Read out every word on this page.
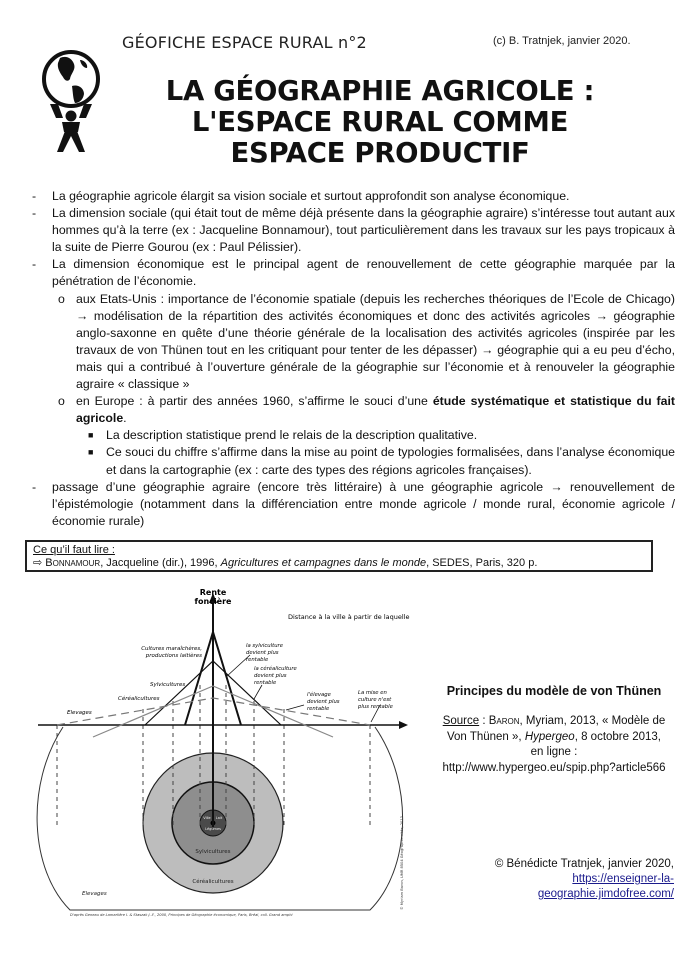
GÉOFICHE ESPACE RURAL n°2	(c) B. Tratnjek, janvier 2020.
LA GÉOGRAPHIE AGRICOLE :
L'ESPACE RURAL COMME
ESPACE PRODUCTIF
- La géographie agricole élargit sa vision sociale et surtout approfondit son analyse économique.
- La dimension sociale (qui était tout de même déjà présente dans la géographie agraire) s’intéresse tout autant aux hommes qu’à la terre (ex : Jacqueline Bonnamour), tout particulièrement dans les travaux sur les pays tropicaux à la suite de Pierre Gourou (ex : Paul Pélissier).
- La dimension économique est le principal agent de renouvellement de cette géographie marquée par la pénétration de l’économie.
o aux Etats-Unis : importance de l’économie spatiale (depuis les recherches théoriques de l’Ecole de Chicago) → modélisation de la répartition des activités économiques et donc des activités agricoles → géographie anglo-saxonne en quête d’une théorie générale de la localisation des activités agricoles (inspirée par les travaux de von Thünen tout en les critiquant pour tenter de les dépasser) → géographie qui a eu peu d’écho, mais qui a contribué à l’ouverture générale de la géographie sur l’économie et à renouveler la géographie agraire « classique »
o en Europe : à partir des années 1960, s’affirme le souci d’une étude systématique et statistique du fait agricole.
■ La description statistique prend le relais de la description qualitative.
■ Ce souci du chiffre s’affirme dans la mise au point de typologies formalisées, dans l’analyse économique et dans la cartographie (ex : carte des types des régions agricoles françaises).
- passage d’une géographie agraire (encore très littéraire) à une géographie agricole → renouvellement de l’épistémologie (notamment dans la différenciation entre monde agricole / monde rural, économie agricole / économie rurale)
Ce qu’il faut lire :
⇨ Bonnamour, Jacqueline (dir.), 1996, Agricultures et campagnes dans le monde, SEDES, Paris, 320 p.
Rente
foncière
Distance à la ville à partir de laquelle
Cultures maraîchères,
productions laitières
Sylvicultures
Céréalicultures
Elevages
la sylviculture
devient plus
rentable
la céréaliculture
devient plus
rentable
l'élevage
devient plus
rentable
La mise en
culture n'est
plus rentable
Ville Lait
Légumes
Sylvicultures
Céréalicultures
Elevages
D'après Geneau de Lamarlière I. & Staszak J.-F., 2000, Principes de Géographie économique, Paris, Bréal, coll. Grand amphi
© Myriam Baron, UMR 8504 Géographie-cités, 2013
Principes du modèle de von Thünen
Source : Baron, Myriam, 2013, « Modèle de
Von Thünen », Hypergeo, 8 octobre 2013,
en ligne :
http://www.hypergeo.eu/spip.php?article566
© Bénédicte Tratnjek, janvier 2020,
https://enseigner-la-
geographie.jimdofree.com/
